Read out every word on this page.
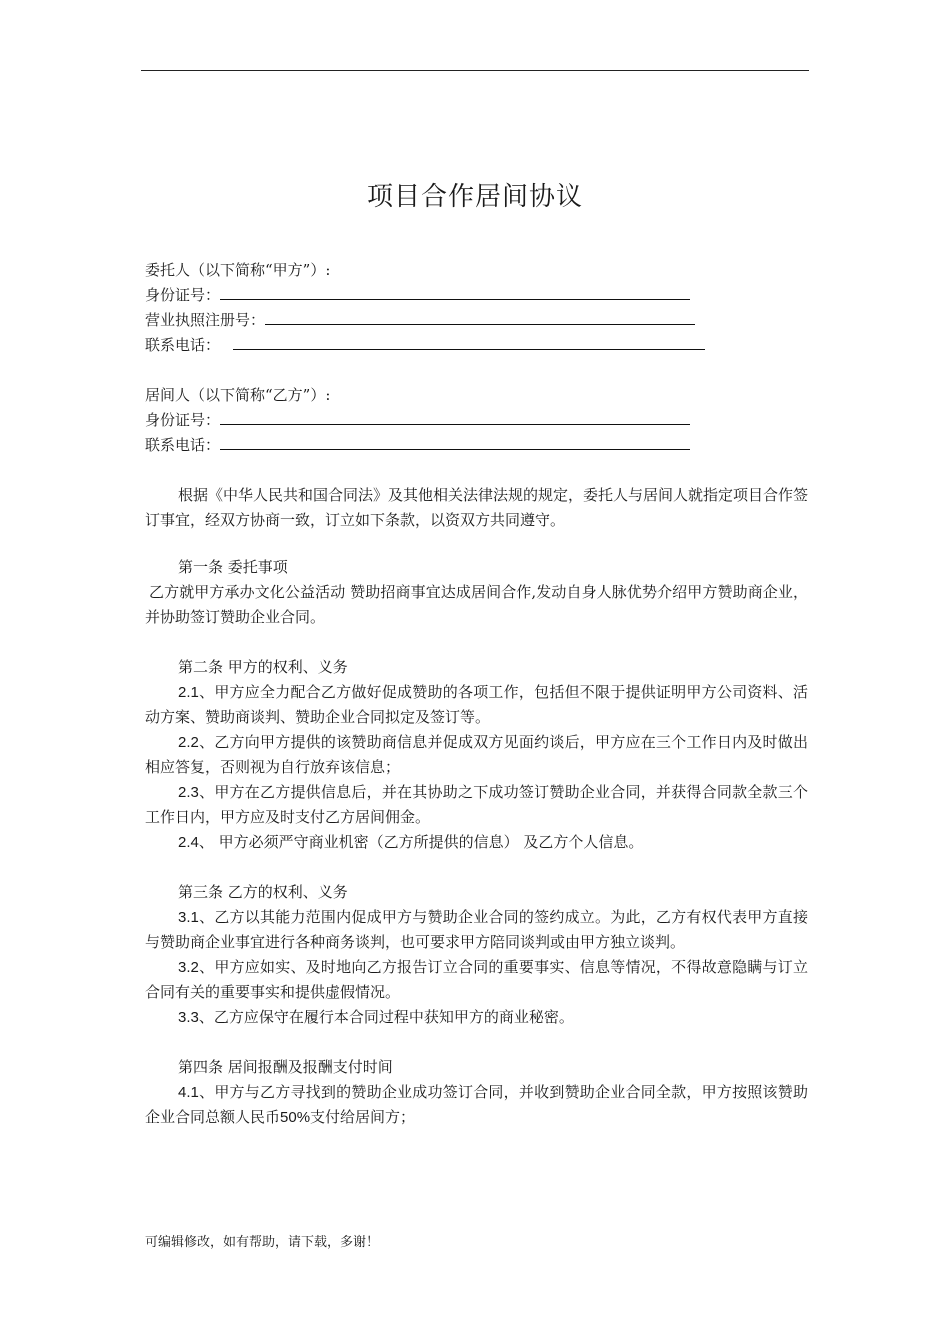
项目合作居间协议
委托人（以下简称“甲方”）:
身份证号：
营业执照注册号：
联系电话：
居间人（以下简称“乙方”）:
身份证号：
联系电话：
根据《中华人民共和国合同法》及其他相关法律法规的规定，委托人与居间人就指定项目合作签订事宜，经双方协商一致，订立如下条款，以资双方共同遵守。
第一条 委托事项
乙方就甲方承办文化公益活动 赞助招商事宜达成居间合作,发动自身人脉优势介绍甲方赞助商企业，并协助签订赞助企业合同。
第二条 甲方的权利、义务
2.1、甲方应全力配合乙方做好促成赞助的各项工作，包括但不限于提供证明甲方公司资料、活动方案、赞助商谈判、赞助企业合同拟定及签订等。
2.2、乙方向甲方提供的该赞助商信息并促成双方见面约谈后，甲方应在三个工作日内及时做出相应答复，否则视为自行放弃该信息；
2.3、甲方在乙方提供信息后，并在其协助之下成功签订赞助企业合同，并获得合同款全款三个工作日内，甲方应及时支付乙方居间佣金。
2.4、 甲方必须严守商业机密（乙方所提供的信息） 及乙方个人信息。
第三条 乙方的权利、义务
3.1、乙方以其能力范围内促成甲方与赞助企业合同的签约成立。为此，乙方有权代表甲方直接与赞助商企业事宜进行各种商务谈判，也可要求甲方陪同谈判或由甲方独立谈判。
3.2、甲方应如实、及时地向乙方报告订立合同的重要事实、信息等情况，不得故意隐瞒与订立合同有关的重要事实和提供虚假情况。
3.3、乙方应保守在履行本合同过程中获知甲方的商业秘密。
第四条 居间报酬及报酬支付时间
4.1、甲方与乙方寻找到的赞助企业成功签订合同，并收到赞助企业合同全款，甲方按照该赞助企业合同总额人民币50%支付给居间方；
可编辑修改，如有帮助，请下载，多谢！
